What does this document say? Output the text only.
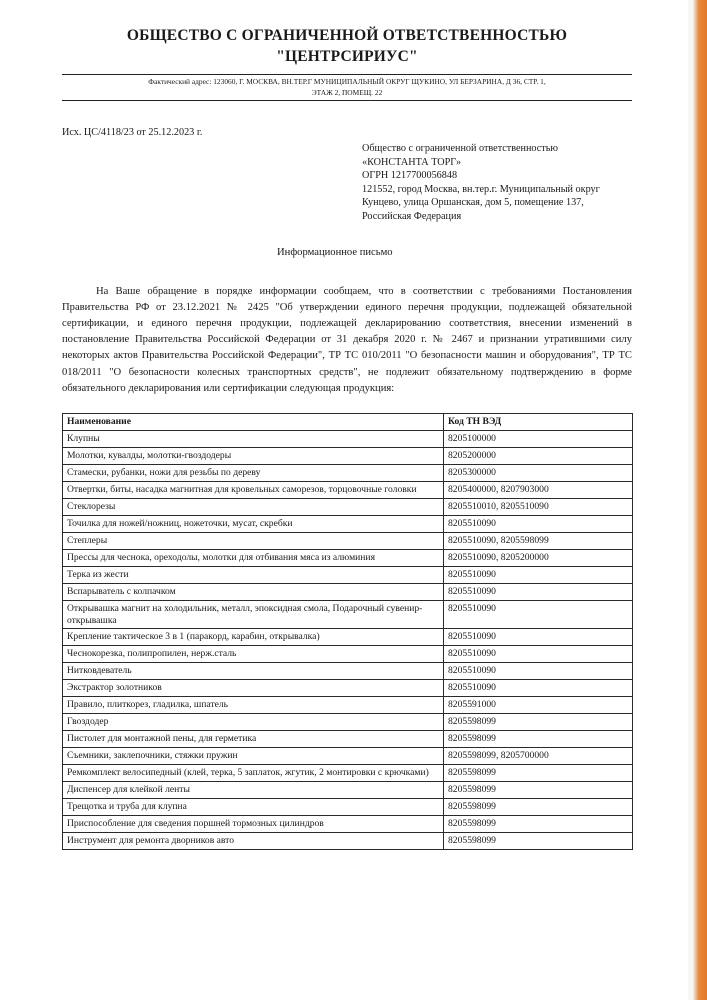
ОБЩЕСТВО С ОГРАНИЧЕННОЙ ОТВЕТСТВЕННОСТЬЮ
"ЦЕНТРСИРИУС"
Фактический адрес: 123060, Г. МОСКВА, ВН.ТЕР.Г МУНИЦИПАЛЬНЫЙ ОКРУГ ЩУКИНО, УЛ БЕРЗАРИНА, Д 36, СТР. 1,
ЭТАЖ 2, ПОМЕЩ. 22
Исх. ЦС/4118/23 от 25.12.2023 г.
Общество с ограниченной ответственностью
«КОНСТАНТА ТОРГ»
ОГРН 1217700056848
121552, город Москва, вн.тер.г. Муниципальный округ
Кунцево, улица Оршанская, дом 5, помещение 137,
Российская Федерация
Информационное письмо
На Ваше обращение в порядке информации сообщаем, что в соответствии с требованиями Постановления Правительства РФ от 23.12.2021 № 2425 "Об утверждении единого перечня продукции, подлежащей обязательной сертификации, и единого перечня продукции, подлежащей декларированию соответствия, внесении изменений в постановление Правительства Российской Федерации от 31 декабря 2020 г. № 2467 и признании утратившими силу некоторых актов Правительства Российской Федерации", ТР ТС 010/2011 "О безопасности машин и оборудования", ТР ТС 018/2011 "О безопасности колесных транспортных средств", не подлежит обязательному подтверждению в форме обязательного декларирования или сертификации следующая продукция:
Наименование	Код ТН ВЭД
Клупны	8205100000
Молотки, кувалды, молотки-гвоздодеры	8205200000
Стамески, рубанки, ножи для резьбы по дереву	8205300000
Отвертки, биты, насадка магнитная для кровельных саморезов, торцовочные головки	8205400000, 8207903000
Стеклорезы	8205510010, 8205510090
Точилка для ножей/ножниц, ножеточки, мусат, скребки	8205510090
Степлеры	8205510090, 8205598099
Прессы для чеснока, ореходолы, молотки для отбивания мяса из алюминия	8205510090, 8205200000
Терка из жести	8205510090
Вспарыватель с колпачком	8205510090
Открывашка магнит на холодильник, металл, эпоксидная смола, Подарочный сувенир-открывашка	8205510090
Крепление тактическое 3 в 1 (паракорд, карабин, открывалка)	8205510090
Чеснокорезка, полипропилен, нерж.сталь	8205510090
Нитковдеватель	8205510090
Экстрактор золотников	8205510090
Правило, плиткорез, гладилка, шпатель	8205591000
Гвоздодер	8205598099
Пистолет для монтажной пены, для герметика	8205598099
Съемники, заклепочники, стяжки пружин	8205598099, 8205700000
Ремкомплект велосипедный (клей, терка, 5 заплаток, жгутик, 2 монтировки с крючками)	8205598099
Диспенсер для клейкой ленты	8205598099
Трещотка и труба для клупна	8205598099
Приспособление для сведения поршней тормозных цилиндров	8205598099
Инструмент для ремонта дворников авто	8205598099
